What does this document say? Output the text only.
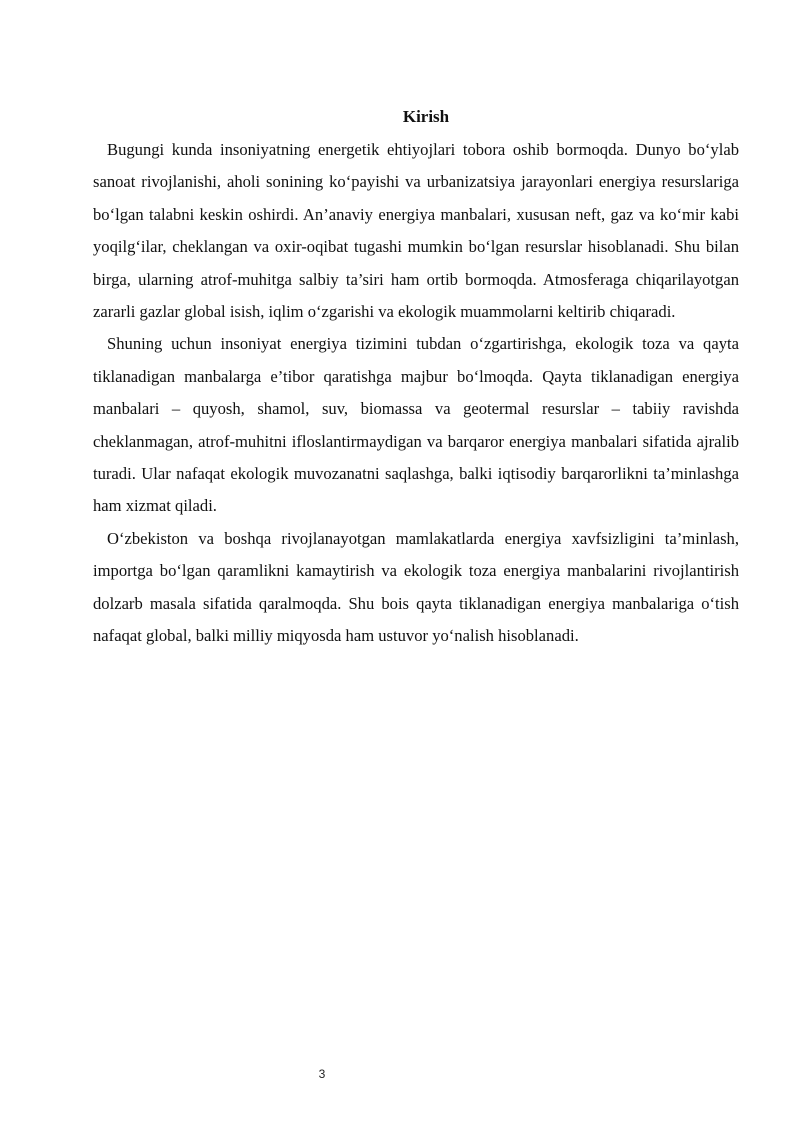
Kirish

Bugungi kunda insoniyatning energetik ehtiyojlari tobora oshib bormoqda. Dunyo bo‘ylab sanoat rivojlanishi, aholi sonining ko‘payishi va urbanizatsiya jarayonlari energiya resurslariga bo‘lgan talabni keskin oshirdi. An’anaviy energiya manbalari, xususan neft, gaz va ko‘mir kabi yoqilg‘ilar, cheklangan va oxir-oqibat tugashi mumkin bo‘lgan resurslar hisoblanadi. Shu bilan birga, ularning atrof-muhitga salbiy ta’siri ham ortib bormoqda. Atmosferaga chiqarilayotgan zararli gazlar global isish, iqlim o‘zgarishi va ekologik muammolarni keltirib chiqaradi.

Shuning uchun insoniyat energiya tizimini tubdan o‘zgartirishga, ekologik toza va qayta tiklanadigan manbalarga e’tibor qaratishga majbur bo‘lmoqda. Qayta tiklanadigan energiya manbalari – quyosh, shamol, suv, biomassa va geotermal resurslar – tabiiy ravishda cheklanmagan, atrof-muhitni ifloslantirmaydigan va barqaror energiya manbalari sifatida ajralib turadi. Ular nafaqat ekologik muvozanatni saqlashga, balki iqtisodiy barqarorlikni ta’minlashga ham xizmat qiladi.

O‘zbekiston va boshqa rivojlanayotgan mamlakatlarda energiya xavfsizligini ta’minlash, importga bo‘lgan qaramlikni kamaytirish va ekologik toza energiya manbalarini rivojlantirish dolzarb masala sifatida qaralmoqda. Shu bois qayta tiklanadigan energiya manbalariga o‘tish nafaqat global, balki milliy miqyosda ham ustuvor yo‘nalish hisoblanadi.

3
